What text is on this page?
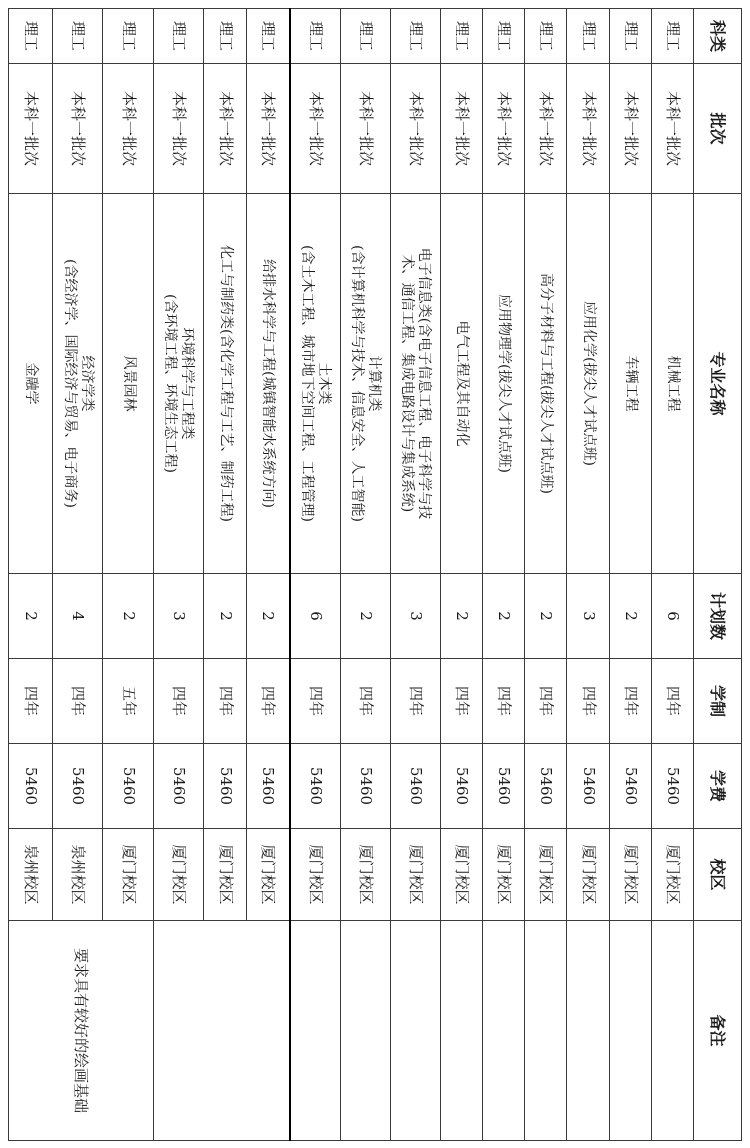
科类	批次	专业名称	计划数	学制	学费	校区	备注
理工	本科一批次	机械工程	6	四年	5460	厦门校区	
理工	本科一批次	车辆工程	2	四年	5460	厦门校区	
理工	本科一批次	应用化学(拔尖人才试点班)	3	四年	5460	厦门校区	
理工	本科一批次	高分子材料与工程(拔尖人才试点班)	2	四年	5460	厦门校区	
理工	本科一批次	应用物理学(拔尖人才试点班)	2	四年	5460	厦门校区	
理工	本科一批次	电气工程及其自动化	2	四年	5460	厦门校区	
理工	本科一批次	电子信息类(含电子信息工程、电子科学与技
术、通信工程、集成电路设计与集成系统)	3	四年	5460	厦门校区	
理工	本科一批次	计算机类
(含计算机科学与技术、信息安全、人工智能)	2	四年	5460	厦门校区	
理工	本科一批次	土木类
(含土木工程、城市地下空间工程、工程管理)	6	四年	5460	厦门校区	
理工	本科一批次	给排水科学与工程(城镇智能水系统方向)	2	四年	5460	厦门校区	
理工	本科一批次	化工与制药类(含化学工程与工艺、制药工程)	2	四年	5460	厦门校区	
理工	本科一批次	环境科学与工程类
(含环境工程、环境生态工程)	3	四年	5460	厦门校区	
理工	本科一批次	风景园林	2	五年	5460	厦门校区	要求具有较好的绘画基础
理工	本科一批次	经济学类
(含经济学、国际经济与贸易、电子商务)	4	四年	5460	泉州校区	
理工	本科一批次	金融学	2	四年	5460	泉州校区	
